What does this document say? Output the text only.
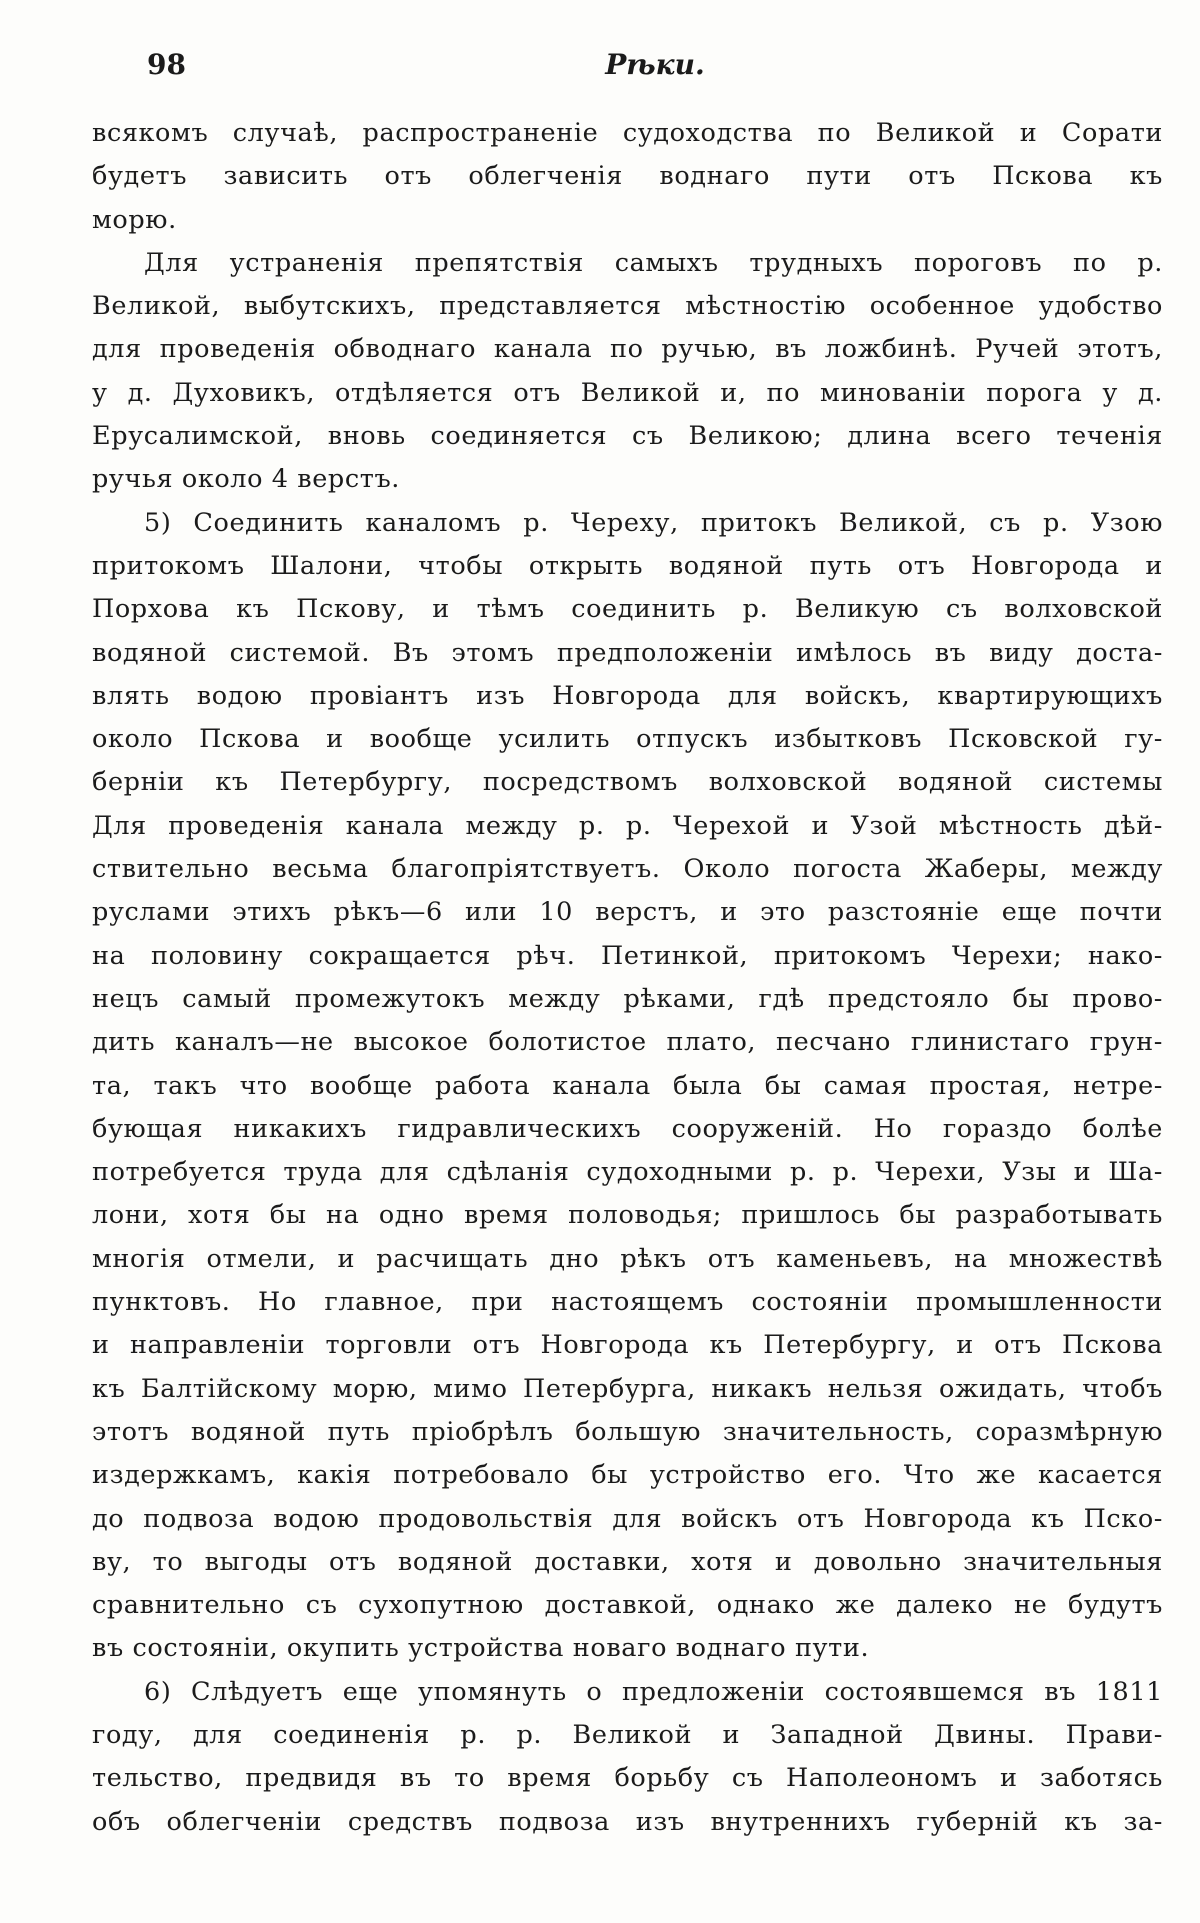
98	Рѣки.
всякомъ случаѣ, распространеніе судоходства по Великой и Сорати
будетъ зависить отъ облегченія воднаго пути отъ Пскова къ
морю.
Для устраненія препятствія самыхъ трудныхъ пороговъ по р.
Великой, выбутскихъ, представляется мѣстностію особенное удобство
для проведенія обводнаго канала по ручью, въ ложбинѣ. Ручей этотъ,
у д. Духовикъ, отдѣляется отъ Великой и, по минованіи порога у д.
Ерусалимской, вновь соединяется съ Великою; длина всего теченія
ручья около 4 верстъ.
5) Соединить каналомъ р. Череху, притокъ Великой, съ р. Узою
притокомъ Шалони, чтобы открыть водяной путь отъ Новгорода и
Порхова къ Пскову, и тѣмъ соединить р. Великую съ волховской
водяной системой. Въ этомъ предположеніи имѣлось въ виду доста-
влять водою провіантъ изъ Новгорода для войскъ, квартирующихъ
около Пскова и вообще усилить отпускъ избытковъ Псковской гу-
берніи къ Петербургу, посредствомъ волховской водяной системы
Для проведенія канала между р. р. Черехой и Узой мѣстность дѣй-
ствительно весьма благопріятствуетъ. Около погоста Жаберы, между
руслами этихъ рѣкъ—6 или 10 верстъ, и это разстояніе еще почти
на половину сокращается рѣч. Петинкой, притокомъ Черехи; нако-
нецъ самый промежутокъ между рѣками, гдѣ предстояло бы прово-
дить каналъ—не высокое болотистое плато, песчано глинистаго грун-
та, такъ что вообще работа канала была бы самая простая, нетре-
бующая никакихъ гидравлическихъ сооруженій. Но гораздо болѣе
потребуется труда для сдѣланія судоходными р. р. Черехи, Узы и Ша-
лони, хотя бы на одно время половодья; пришлось бы разработывать
многія отмели, и расчищать дно рѣкъ отъ каменьевъ, на множествѣ
пунктовъ. Но главное, при настоящемъ состояніи промышленности
и направленіи торговли отъ Новгорода къ Петербургу, и отъ Пскова
къ Балтійскому морю, мимо Петербурга, никакъ нельзя ожидать, чтобъ
этотъ водяной путь пріобрѣлъ большую значительность, соразмѣрную
издержкамъ, какія потребовало бы устройство его. Что же касается
до подвоза водою продовольствія для войскъ отъ Новгорода къ Пско-
ву, то выгоды отъ водяной доставки, хотя и довольно значительныя
сравнительно съ сухопутною доставкой, однако же далеко не будутъ
въ состояніи, окупить устройства новаго воднаго пути.
6) Слѣдуетъ еще упомянуть о предложеніи состоявшемся въ 1811
году, для соединенія р. р. Великой и Западной Двины. Прави-
тельство, предвидя въ то время борьбу съ Наполеономъ и заботясь
объ облегченіи средствъ подвоза изъ внутреннихъ губерній къ за-
